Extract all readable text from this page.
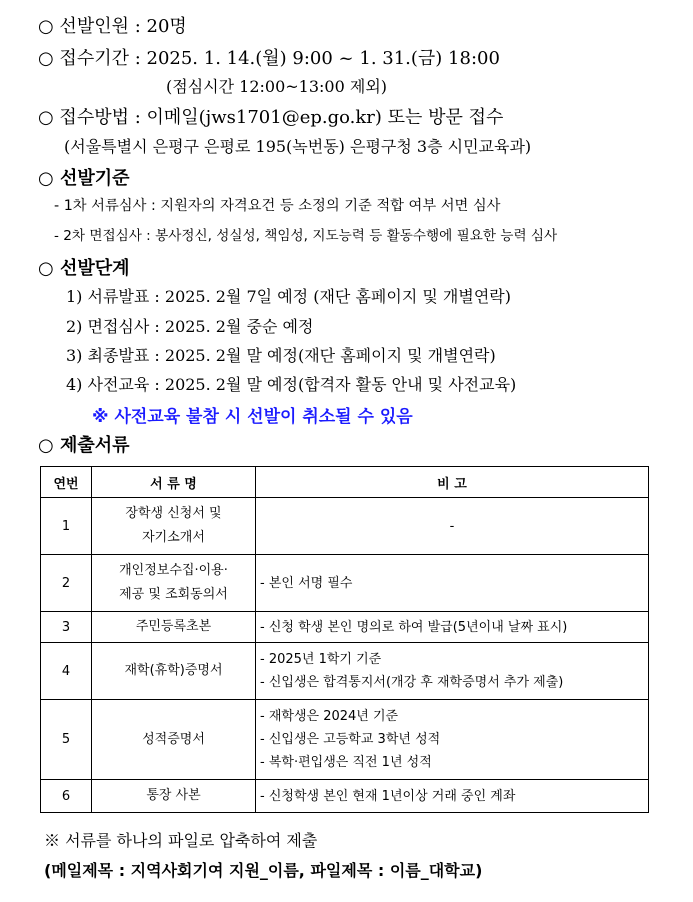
○ 선발인원 : 20명
○ 접수기간 : 2025. 1. 14.(월) 9:00 ~ 1. 31.(금) 18:00
(점심시간 12:00~13:00 제외)
○ 접수방법 : 이메일(jws1701@ep.go.kr) 또는 방문 접수
(서울특별시 은평구 은평로 195(녹번동) 은평구청 3층 시민교육과)
○ 선발기준
- 1차 서류심사 : 지원자의 자격요건 등 소정의 기준 적합 여부 서면 심사
- 2차 면접심사 : 봉사정신, 성실성, 책임성, 지도능력 등 활동수행에 필요한 능력 심사
○ 선발단계
1) 서류발표 : 2025. 2월 7일 예정 (재단 홈페이지 및 개별연락)
2) 면접심사 : 2025. 2월 중순 예정
3) 최종발표 : 2025. 2월 말 예정(재단 홈페이지 및 개별연락)
4) 사전교육 : 2025. 2월 말 예정(합격자 활동 안내 및 사전교육)
※ 사전교육 불참 시 선발이 취소될 수 있음
○ 제출서류
연번	서 류 명	비 고
1	장학생 신청서 및
자기소개서	-
2	개인정보수집·이용·
제공 및 조회동의서	- 본인 서명 필수
3	주민등록초본	- 신청 학생 본인 명의로 하여 발급(5년이내 날짜 표시)
4	재학(휴학)증명서	- 2025년 1학기 기준
- 신입생은 합격통지서(개강 후 재학증명서 추가 제출)

5	성적증명서	- 재학생은 2024년 기준
- 신입생은 고등학교 3학년 성적
- 복학·편입생은 직전 1년 성적

6	통장 사본	- 신청학생 본인 현재 1년이상 거래 중인 계좌
※ 서류를 하나의 파일로 압축하여 제출
(메일제목 : 지역사회기여 지원_이름, 파일제목 : 이름_대학교)
